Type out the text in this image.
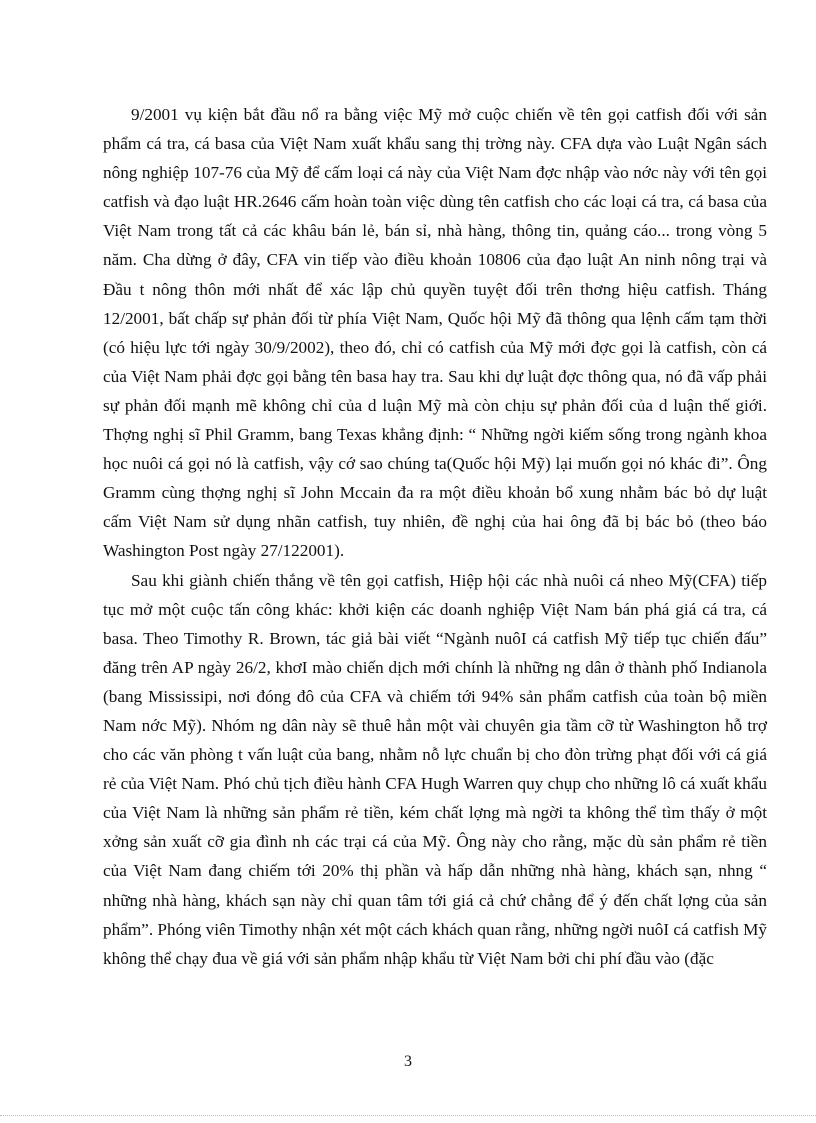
9/2001 vụ kiện bắt đầu nổ ra bằng việc Mỹ mở cuộc chiến về tên gọi catfish đối với sản phẩm cá tra, cá basa của Việt Nam xuất khẩu sang thị trờng này. CFA dựa vào Luật Ngân sách nông nghiệp 107-76 của Mỹ để cấm loại cá này của Việt Nam đợc nhập vào nớc này với tên gọi catfish và đạo luật HR.2646 cấm hoàn toàn việc dùng tên catfish cho các loại cá tra, cá basa của Việt Nam trong tất cả các khâu bán lẻ, bán sỉ, nhà hàng, thông tin, quảng cáo... trong vòng 5 năm. Cha dừng ở đây, CFA vin tiếp vào điều khoản 10806 của đạo luật An ninh nông trại và Đầu t nông thôn mới nhất để xác lập chủ quyền tuyệt đối trên thơng hiệu catfish. Tháng 12/2001, bất chấp sự phản đối từ phía Việt Nam, Quốc hội Mỹ đã thông qua lệnh cấm tạm thời (có hiệu lực tới ngày 30/9/2002), theo đó, chỉ có catfish của Mỹ mới đợc gọi là catfish, còn cá của Việt Nam phải đợc gọi bằng tên basa hay tra. Sau khi dự luật đợc thông qua, nó đã vấp phải sự phản đối mạnh mẽ không chỉ của d luận Mỹ mà còn chịu sự phản đối của d luận thế giới. Thợng nghị sĩ Phil Gramm, bang Texas khẳng định: “ Những ngời kiếm sống trong ngành khoa học nuôi cá gọi nó là catfish, vậy cớ sao chúng ta(Quốc hội Mỹ) lại muốn gọi nó khác đi”. Ông Gramm cùng thợng nghị sĩ John Mccain đa ra một điều khoản bổ xung nhằm bác bỏ dự luật cấm Việt Nam sử dụng nhãn catfish, tuy nhiên, đề nghị của hai ông đã bị bác bỏ (theo báo Washington Post ngày 27/122001).

Sau khi giành chiến thắng về tên gọi catfish, Hiệp hội các nhà nuôi cá nheo Mỹ(CFA) tiếp tục mở một cuộc tấn công khác: khởi kiện các doanh nghiệp Việt Nam bán phá giá cá tra, cá basa. Theo Timothy R. Brown, tác giả bài viết “Ngành nuôI cá catfish Mỹ tiếp tục chiến đấu” đăng trên AP ngày 26/2, khơI mào chiến dịch mới chính là những ng dân ở thành phố Indianola (bang Mississipi, nơi đóng đô của CFA và chiếm tới 94% sản phẩm catfish của toàn bộ miền Nam nớc Mỹ). Nhóm ng dân này sẽ thuê hẳn một vài chuyên gia tầm cỡ từ Washington hỗ trợ cho các văn phòng t vấn luật của bang, nhằm nỗ lực chuẩn bị cho đòn trừng phạt đối với cá giá rẻ của Việt Nam. Phó chủ tịch điều hành CFA Hugh Warren quy chụp cho những lô cá xuất khẩu của Việt Nam là những sản phẩm rẻ tiền, kém chất lợng mà ngời ta không thể tìm thấy ở một xởng sản xuất cỡ gia đình nh các trại cá của Mỹ. Ông này cho rằng, mặc dù sản phẩm rẻ tiền của Việt Nam đang chiếm tới 20% thị phần và hấp dẫn những nhà hàng, khách sạn, nhng “ những nhà hàng, khách sạn này chỉ quan tâm tới giá cả chứ chẳng để ý đến chất lợng của sản phẩm”. Phóng viên Timothy nhận xét một cách khách quan rằng, những ngời nuôI cá catfish Mỹ không thể chạy đua về giá với sản phẩm nhập khẩu từ Việt Nam bởi chi phí đầu vào (đặc

3
